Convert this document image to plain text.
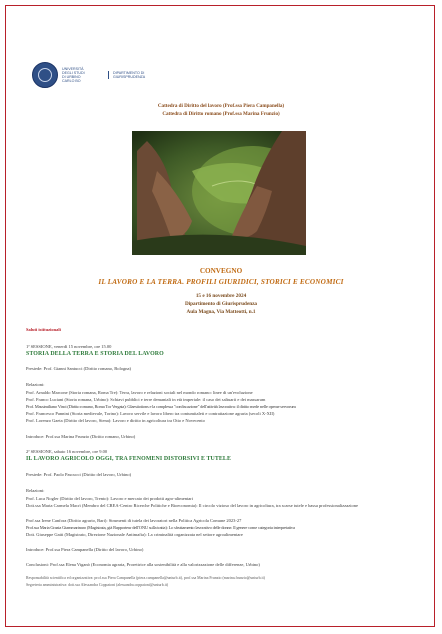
UNIVERSITÀ
DEGLI STUDI
DI URBINO
CARLO BO
DIPARTIMENTO DI
GIURISPRUDENZA
Cattedra di Diritto del lavoro (Prof.ssa Piera Campanella)
Cattedra di Diritto romano (Prof.ssa Marina Frunzio)
CONVEGNO
IL LAVORO E LA TERRA. PROFILI GIURIDICI, STORICI E ECONOMICI
15 e 16 novembre 2024
Dipartimento di Giurisprudenza
Aula Magna, Via Matteotti, n.1
Saluti istituzionali
1ª SESSIONE, venerdì 15 novembre, ore 15.00
STORIA DELLA TERRA E STORIA DEL LAVORO
Presiede: Prof. Gianni Santucci (Diritto romano, Bologna)
Relazioni:
Prof. Arnaldo Marcone (Storia romana, Roma Tre): Terra, lavoro e relazioni sociali nel mondo romano: linee di un'evoluzione
Prof. Franco Luciani (Storia romana, Urbino): Schiavi pubblici e terre demaniali in età imperiale: il caso dei saltuarii e dei massarum
Prof. Massimiliano Vinci (Diritto romano, Roma Tor Vergata): Glaestiotions e la complessa "confiscazione" dell'attività lavorativa: il diritto mede nelle operae servorum
Prof. Francesco Pannini (Storia medievale, Torino): Lavoro servile e lavoro libero tra contumitaleti e contrattazione agraria (secoli X-XII)
Prof. Lorenzo Gaeta (Diritto del lavoro, Siena): Lavoro e diritto in agricoltura tra Otto e Novecento
Introduce: Prof.ssa Marina Frunzio (Diritto romano, Urbino)
2ª SESSIONE, sabato 16 novembre, ore 9.00
IL LAVORO AGRICOLO OGGI, TRA FENOMENI DISTORSIVI E TUTELE
Presiede: Prof. Paolo Pascucci (Diritto del lavoro, Urbino)
Relazioni:
Prof. Luca Nogler (Diritto del lavoro, Trento): Lavoro e mercato dei prodotti agro-alimentari
Dott.ssa Maria Carmela Macrì (Membro del CREA-Centro Ricerche Politiche e Bioeconomia): Il circolo vizioso del lavoro in agricoltura, tra scarse tutele e bassa professionalizzazione
Prof.ssa Irene Canfora (Diritto agrario, Bari): Strumenti di tutela dei lavoratori nella Politica Agricola Comune 2023-27
Prof.ssa Maria Grazia Giammarinaro (Magistrata, già Rapporteur dell'ONU sulla tratta): Lo sfruttamento lavorativo delle donne. Il genere come categoria interpretativa
Dott. Giuseppe Gatti (Magistrato, Direzione Nazionale Antimafia): La criminalità organizzata nel settore agroalimentare
Introduce: Prof.ssa Piera Campanella (Diritto del lavoro, Urbino)
Conclusioni: Prof.ssa Elena Viganò (Economia agraria, Prorettrice alla sostenibilità e alla valorizzazione delle differenze, Urbino)
Responsabilità scientifica ed organizzativa: prof.ssa Piera Campanella (piera.campanella@uniurb.it), prof.ssa Marina Frunzio (marina.frunzio@uniurb.it)
Segreteria amministrativa: dott.ssa Alessandra Coppaioni (alessandra.coppaioni@uniurb.it)
